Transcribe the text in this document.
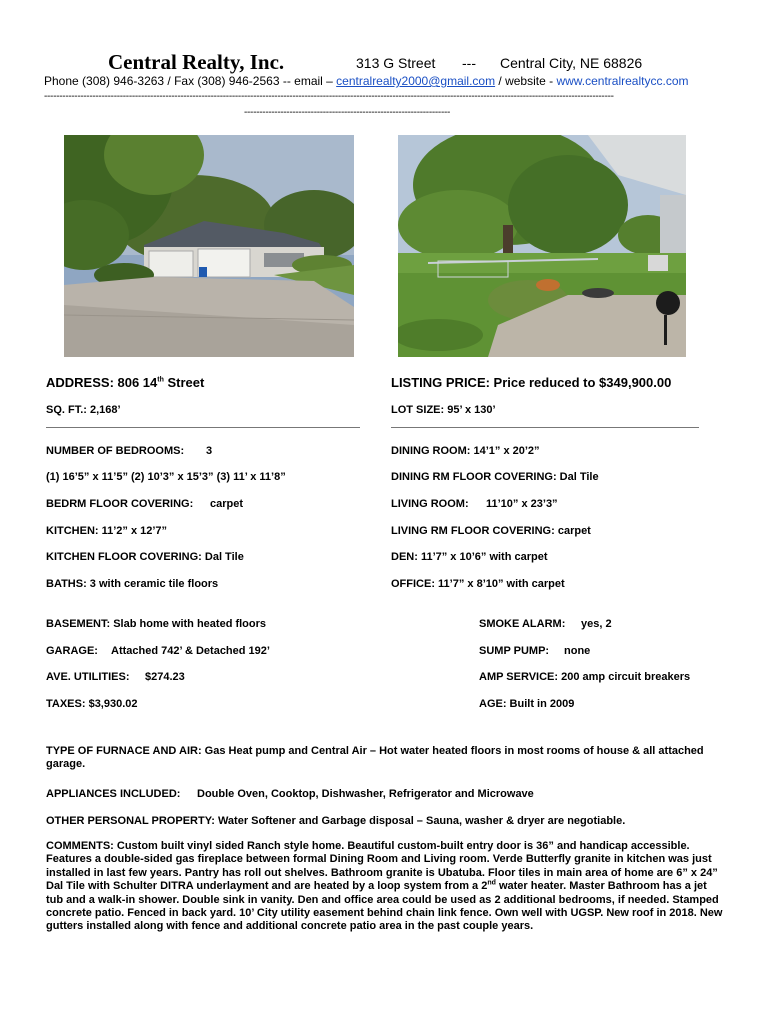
Central Realty, Inc.	313 G Street --- Central City, NE 68826
Phone (308) 946-3263 / Fax (308) 946-2563 -- email – centralrealty2000@gmail.com / website - www.centralrealtycc.com
--------------------------------------------------------------------------------------------------------------------------------------------------------------------------------------------
--------------------------------------------------------------------
ADDRESS: 806 14th Street	LISTING PRICE: Price reduced to $349,900.00
SQ. FT.: 2,168’	LOT SIZE: 95’ x 130’
NUMBER OF BEDROOMS: 3	DINING ROOM: 14’1” x 20’2”
(1) 16’5” x 11’5” (2) 10’3” x 15’3” (3) 11’ x 11’8”	DINING RM FLOOR COVERING: Dal Tile
BEDRM FLOOR COVERING: carpet	LIVING ROOM: 11’10” x 23’3”
KITCHEN: 11’2” x 12’7”	LIVING RM FLOOR COVERING: carpet
KITCHEN FLOOR COVERING: Dal Tile	DEN: 11’7” x 10’6” with carpet
BATHS: 3 with ceramic tile floors	OFFICE: 11’7” x 8’10” with carpet
BASEMENT: Slab home with heated floors	SMOKE ALARM: yes, 2
GARAGE: Attached 742’ & Detached 192’	SUMP PUMP: none
AVE. UTILITIES: $274.23	AMP SERVICE: 200 amp circuit breakers
TAXES: $3,930.02	AGE: Built in 2009
TYPE OF FURNACE AND AIR: Gas Heat pump and Central Air – Hot water heated floors in most rooms of house & all attached garage.
APPLIANCES INCLUDED: Double Oven, Cooktop, Dishwasher, Refrigerator and Microwave
OTHER PERSONAL PROPERTY: Water Softener and Garbage disposal – Sauna, washer & dryer are negotiable.
COMMENTS: Custom built vinyl sided Ranch style home. Beautiful custom-built entry door is 36” and handicap accessible. Features a double-sided gas fireplace between formal Dining Room and Living room. Verde Butterfly granite in kitchen was just installed in last few years. Pantry has roll out shelves. Bathroom granite is Ubatuba. Floor tiles in main area of home are 6” x 24” Dal Tile with Schulter DITRA underlayment and are heated by a loop system from a 2nd water heater. Master Bathroom has a jet tub and a walk-in shower. Double sink in vanity. Den and office area could be used as 2 additional bedrooms, if needed. Stamped concrete patio. Fenced in back yard. 10’ City utility easement behind chain link fence. Own well with UGSP. New roof in 2018. New gutters installed along with fence and additional concrete patio area in the past couple years.
